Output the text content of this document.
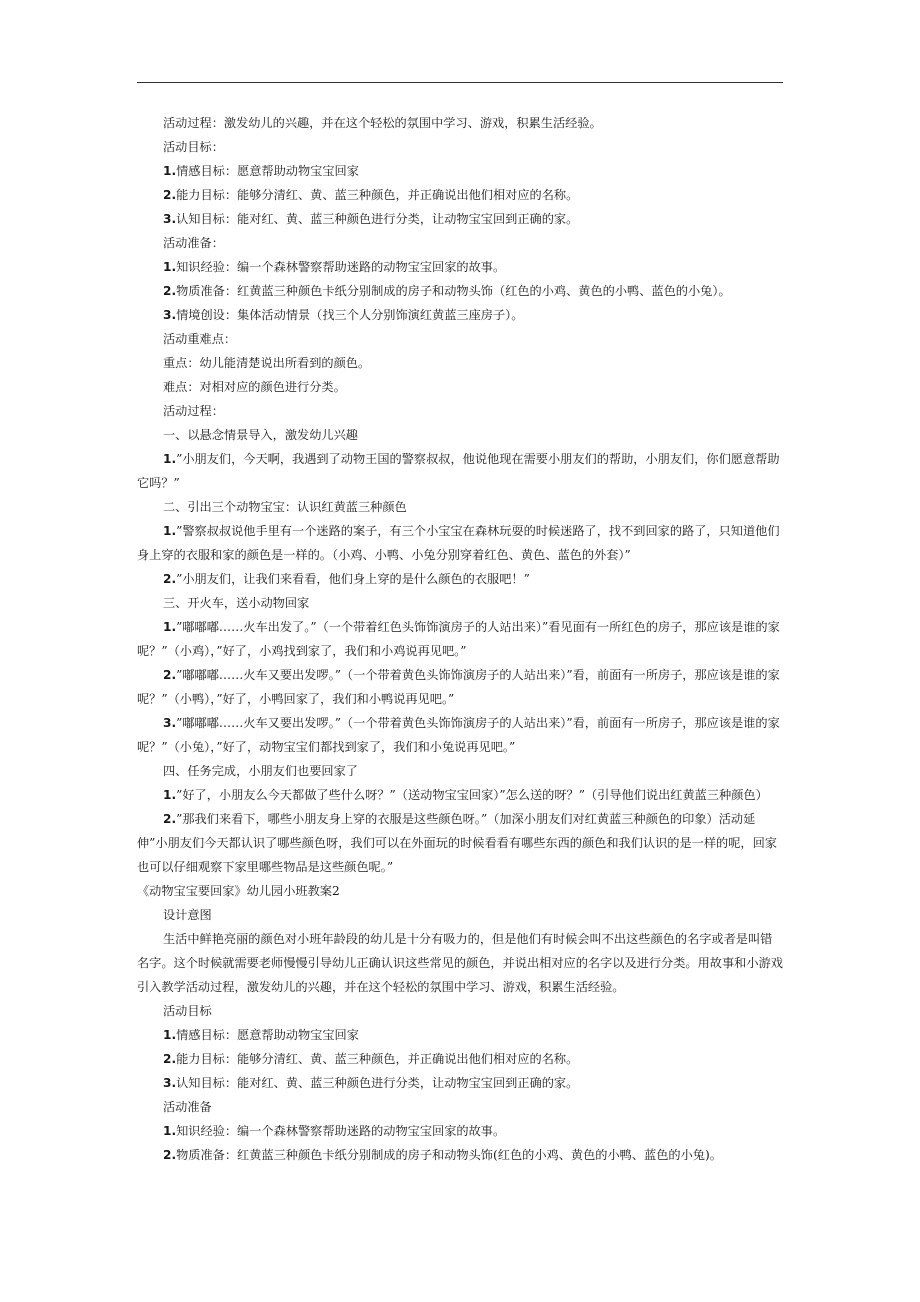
活动过程：激发幼儿的兴趣，并在这个轻松的氛围中学习、游戏，积累生活经验。
活动目标：
1.情感目标：愿意帮助动物宝宝回家
2.能力目标：能够分清红、黄、蓝三种颜色，并正确说出他们相对应的名称。
3.认知目标：能对红、黄、蓝三种颜色进行分类，让动物宝宝回到正确的家。
活动准备：
1.知识经验：编一个森林警察帮助迷路的动物宝宝回家的故事。
2.物质准备：红黄蓝三种颜色卡纸分别制成的房子和动物头饰（红色的小鸡、黄色的小鸭、蓝色的小兔）。
3.情境创设：集体活动情景（找三个人分别饰演红黄蓝三座房子）。
活动重难点：
重点：幼儿能清楚说出所看到的颜色。
难点：对相对应的颜色进行分类。
活动过程：
一、以悬念情景导入，激发幼儿兴趣
1.”小朋友们，今天啊，我遇到了动物王国的警察叔叔，他说他现在需要小朋友们的帮助，小朋友们，你们愿意帮助它吗？”
二、引出三个动物宝宝：认识红黄蓝三种颜色
1.”警察叔叔说他手里有一个迷路的案子，有三个小宝宝在森林玩耍的时候迷路了，找不到回家的路了，只知道他们身上穿的衣服和家的颜色是一样的。（小鸡、小鸭、小兔分别穿着红色、黄色、蓝色的外套）”
2.”小朋友们，让我们来看看，他们身上穿的是什么颜色的衣服吧！”
三、开火车，送小动物回家
1.”嘟嘟嘟……火车出发了。”（一个带着红色头饰饰演房子的人站出来）”看见面有一所红色的房子，那应该是谁的家呢？”（小鸡），”好了，小鸡找到家了，我们和小鸡说再见吧。”
2.”嘟嘟嘟……火车又要出发啰。”（一个带着黄色头饰饰演房子的人站出来）”看，前面有一所房子，那应该是谁的家呢？”（小鸭），”好了，小鸭回家了，我们和小鸭说再见吧。”
3.”嘟嘟嘟……火车又要出发啰。”（一个带着黄色头饰饰演房子的人站出来）”看，前面有一所房子，那应该是谁的家呢？”（小兔），”好了，动物宝宝们都找到家了，我们和小兔说再见吧。”
四、任务完成，小朋友们也要回家了
1.”好了，小朋友么今天都做了些什么呀？”（送动物宝宝回家）”怎么送的呀？”（引导他们说出红黄蓝三种颜色）
2.”那我们来看下，哪些小朋友身上穿的衣服是这些颜色呀。”（加深小朋友们对红黄蓝三种颜色的印象）活动延伸”小朋友们今天都认识了哪些颜色呀，我们可以在外面玩的时候看看有哪些东西的颜色和我们认识的是一样的呢，回家也可以仔细观察下家里哪些物品是这些颜色呢。”
《动物宝宝要回家》幼儿园小班教案2
设计意图
生活中鲜艳亮丽的颜色对小班年龄段的幼儿是十分有吸力的，但是他们有时候会叫不出这些颜色的名字或者是叫错名字。这个时候就需要老师慢慢引导幼儿正确认识这些常见的颜色，并说出相对应的名字以及进行分类。用故事和小游戏引入教学活动过程，激发幼儿的兴趣，并在这个轻松的氛围中学习、游戏，积累生活经验。
活动目标
1.情感目标：愿意帮助动物宝宝回家
2.能力目标：能够分清红、黄、蓝三种颜色，并正确说出他们相对应的名称。
3.认知目标：能对红、黄、蓝三种颜色进行分类，让动物宝宝回到正确的家。
活动准备
1.知识经验：编一个森林警察帮助迷路的动物宝宝回家的故事。
2.物质准备：红黄蓝三种颜色卡纸分别制成的房子和动物头饰(红色的小鸡、黄色的小鸭、蓝色的小兔)。
